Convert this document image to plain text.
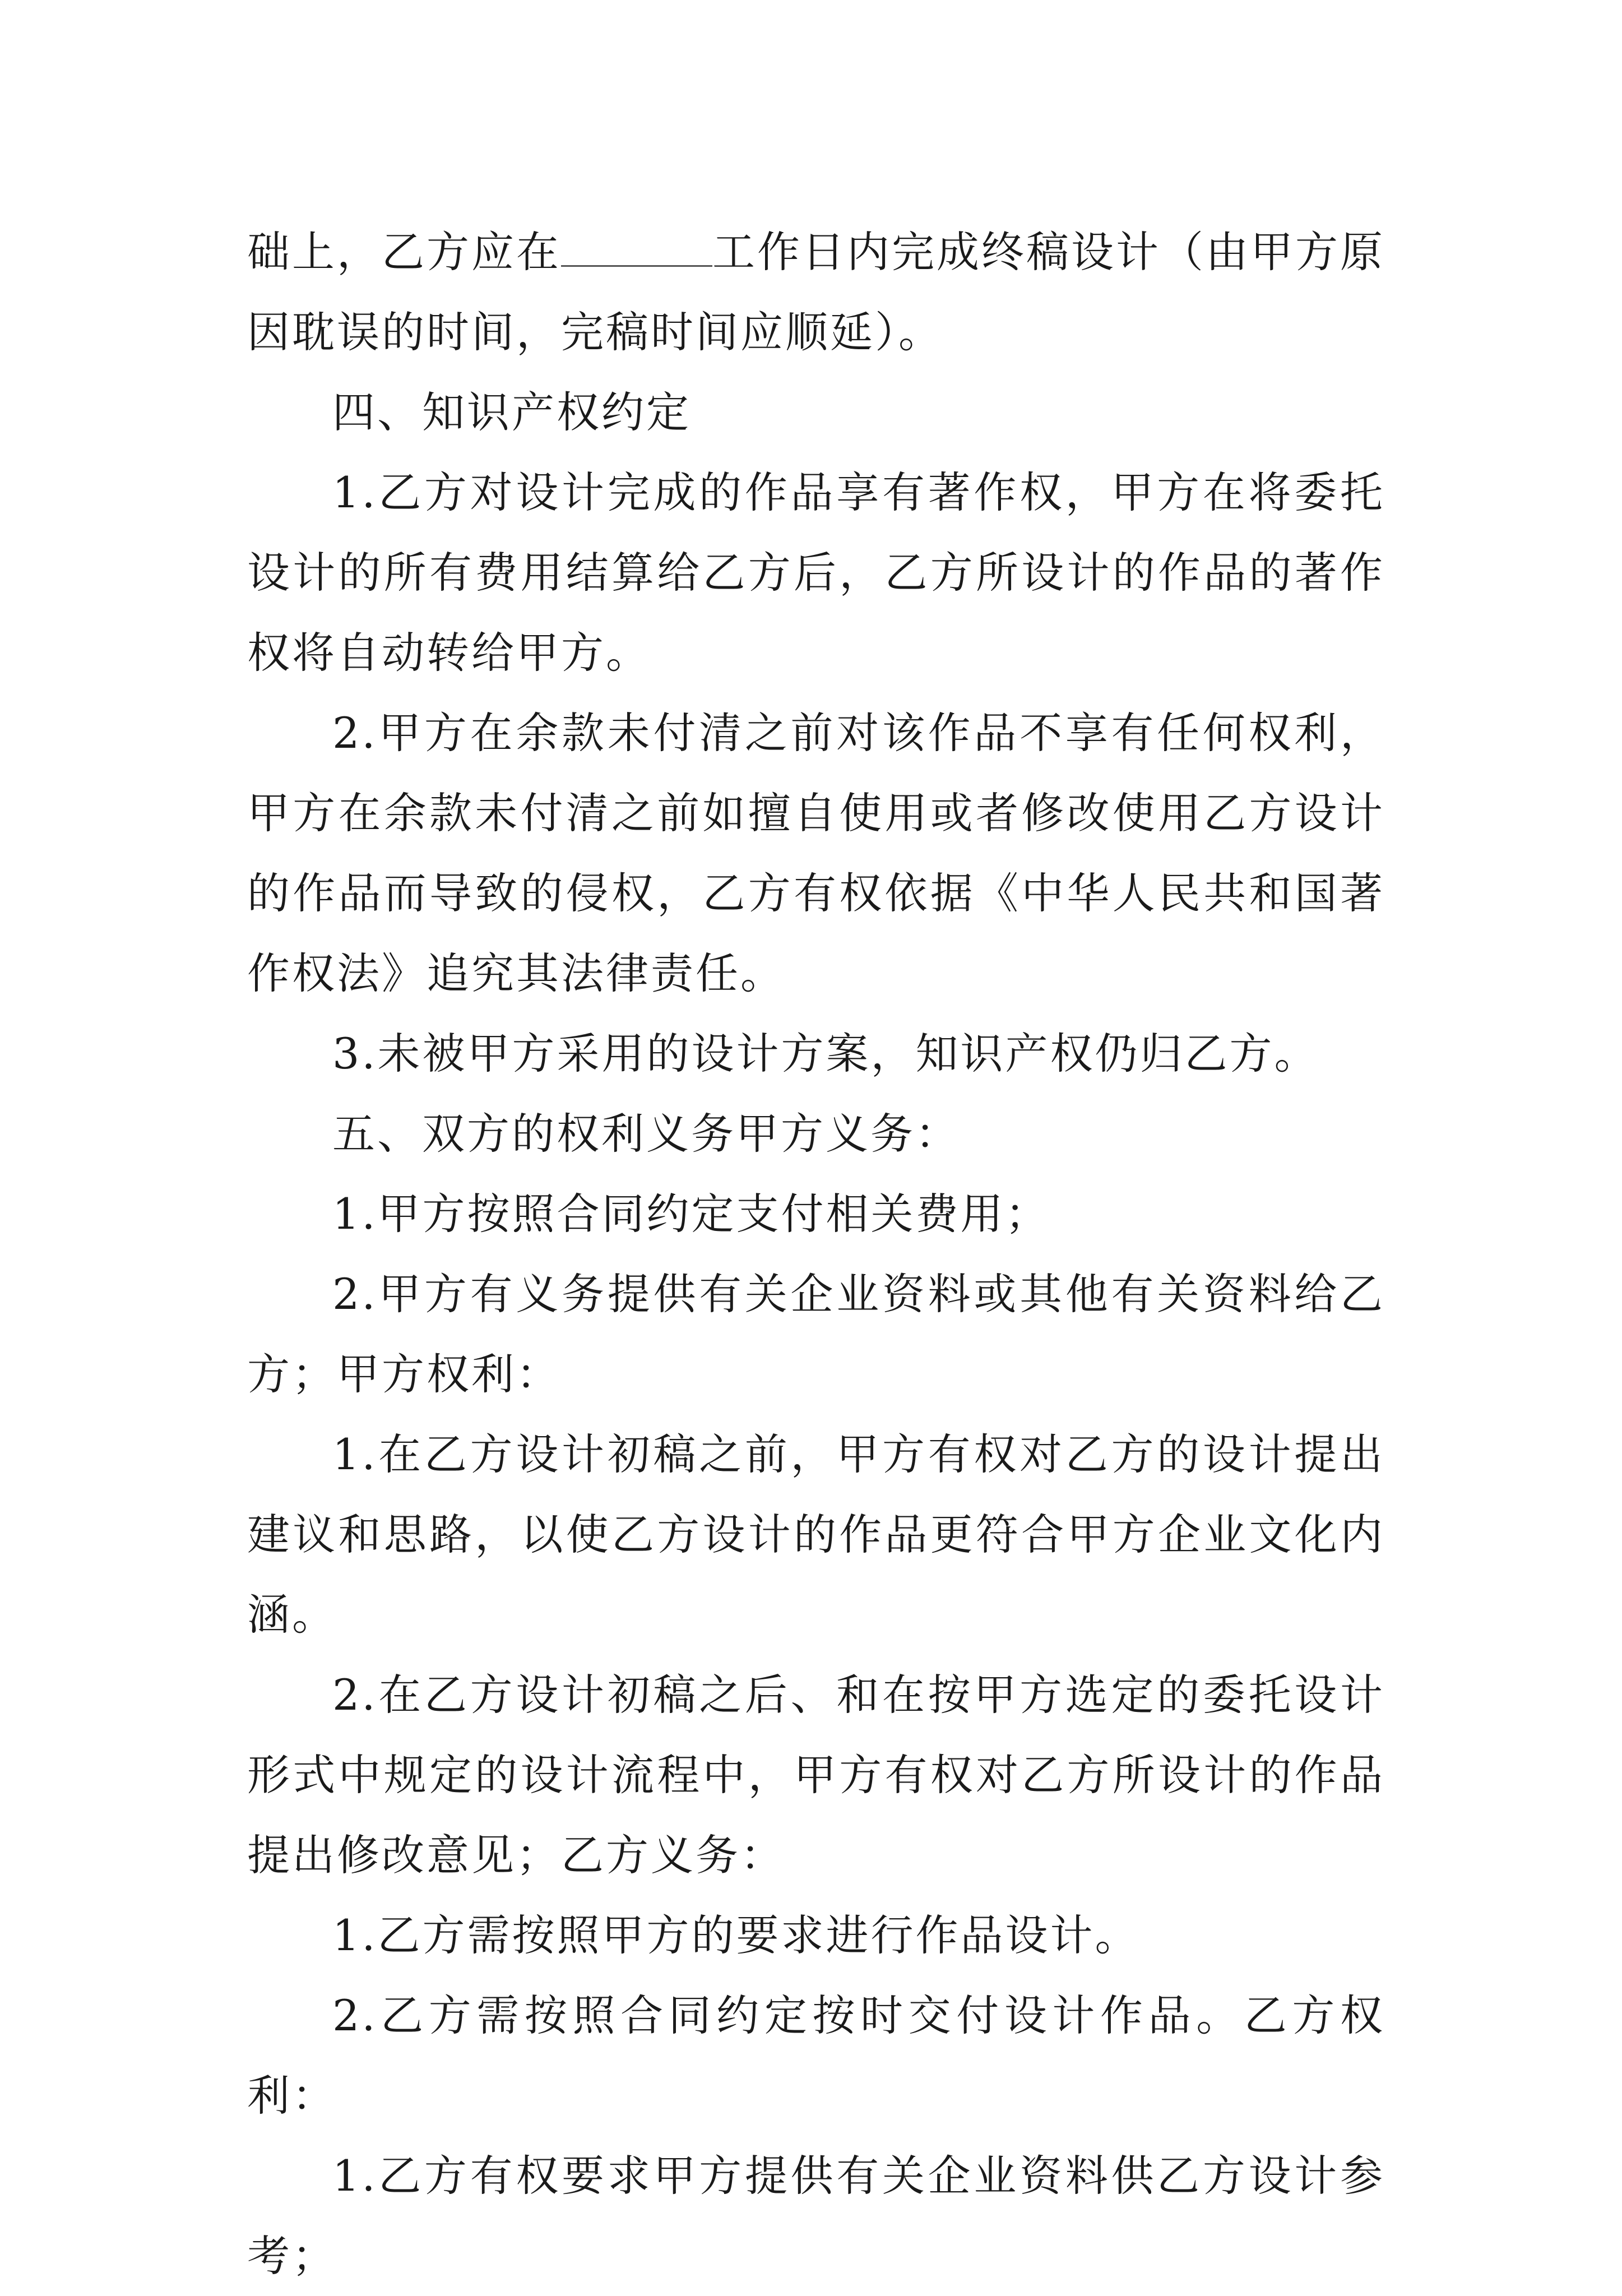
础上，乙方应在	工作日内完成终稿设计（由甲方原因耽误的时间，完稿时间应顺延）。

四、知识产权约定

1.乙方对设计完成的作品享有著作权，甲方在将委托设计的所有费用结算给乙方后，乙方所设计的作品的著作权将自动转给甲方。

2.甲方在余款未付清之前对该作品不享有任何权利，甲方在余款未付清之前如擅自使用或者修改使用乙方设计的作品而导致的侵权，乙方有权依据《中华人民共和国著作权法》追究其法律责任。

3.未被甲方采用的设计方案，知识产权仍归乙方。

五、双方的权利义务甲方义务：

1.甲方按照合同约定支付相关费用；

2.甲方有义务提供有关企业资料或其他有关资料给乙方；甲方权利：

1.在乙方设计初稿之前，甲方有权对乙方的设计提出建议和思路，以使乙方设计的作品更符合甲方企业文化内涵。

2.在乙方设计初稿之后、和在按甲方选定的委托设计形式中规定的设计流程中，甲方有权对乙方所设计的作品提出修改意见；乙方义务：

1.乙方需按照甲方的要求进行作品设计。

2.乙方需按照合同约定按时交付设计作品。乙方权利：

1.乙方有权要求甲方提供有关企业资料供乙方设计参考；
